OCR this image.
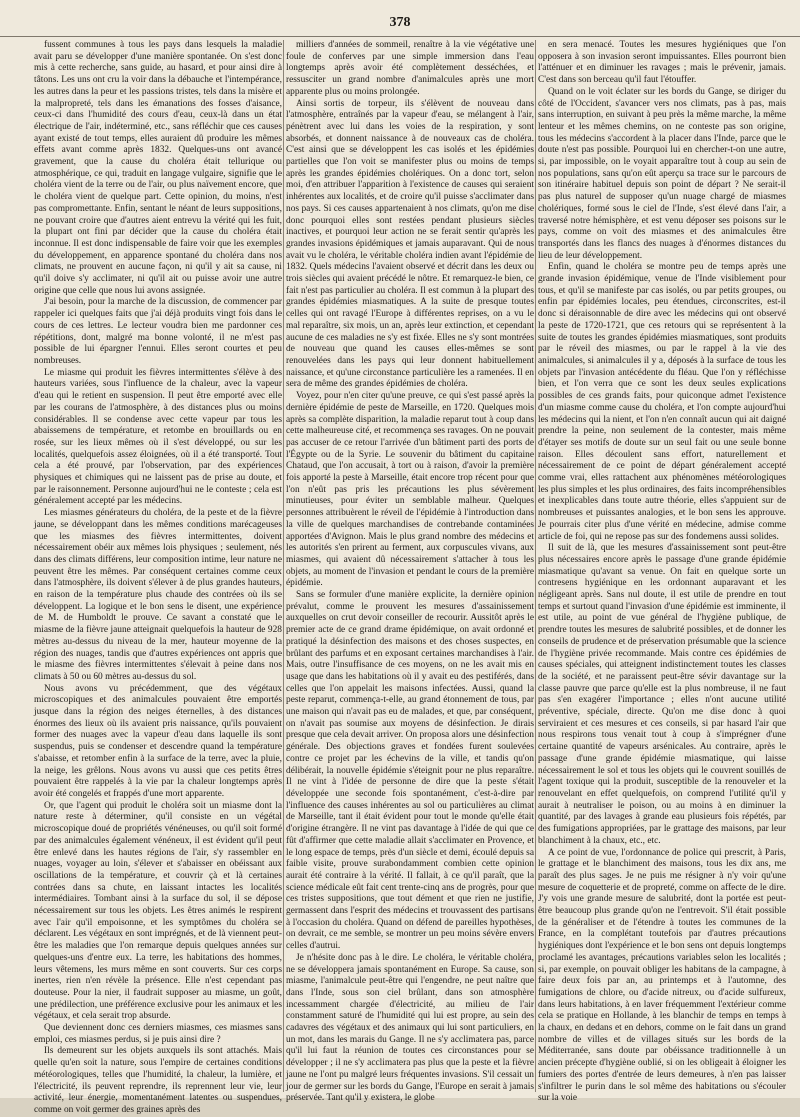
378

fussent communes à tous les pays dans lesquels la maladie avait paru se développer d'une manière spontanée. On s'est donc mis à cette recherche, sans guide, au hasard, et pour ainsi dire à tâtons. Les uns ont cru la voir dans la débauche et l'intempérance, les autres dans la peur et les passions tristes, tels dans la misère et la malpropreté, tels dans les émanations des fosses d'aisance, ceux-ci dans l'humidité des cours d'eau, ceux-là dans un état électrique de l'air, indéterminé, etc., sans réfléchir que ces causes ayant existé de tout temps, elles auraient dû produire les mêmes effets avant comme après 1832. Quelques-uns ont avancé gravement, que la cause du choléra était tellurique ou atmosphérique, ce qui, traduit en langage vulgaire, signifie que le choléra vient de la terre ou de l'air, ou plus naïvement encore, que le choléra vient de quelque part. Cette opinion, du moins, n'est pas compromettante. Enfin, sentant le néant de leurs suppositions, ne pouvant croire que d'autres aient entrevu la vérité qui les fuit, la plupart ont fini par décider que la cause du choléra était inconnue. Il est donc indispensable de faire voir que les exemples du développement, en apparence spontané du choléra dans nos climats, ne prouvent en aucune façon, ni qu'il y ait sa cause, ni qu'il doive s'y acclimater, ni qu'il ait ou puisse avoir une autre origine que celle que nous lui avons assignée.

J'ai besoin, pour la marche de la discussion, de commencer par rappeler ici quelques faits que j'ai déjà produits vingt fois dans le cours de ces lettres. Le lecteur voudra bien me pardonner ces répétitions, dont, malgré ma bonne volonté, il ne m'est pas possible de lui épargner l'ennui. Elles seront courtes et peu nombreuses.

Le miasme qui produit les fièvres intermittentes s'élève à des hauteurs variées, sous l'influence de la chaleur, avec la vapeur d'eau qui le retient en suspension. Il peut être emporté avec elle par les courans de l'atmosphère, à des distances plus ou moins considérables. Il se condense avec cette vapeur par tous les abaissemens de température, et retombe en brouillards ou en rosée, sur les lieux mêmes où il s'est développé, ou sur les localités, quelquefois assez éloignées, où il a été transporté. Tout cela a été prouvé, par l'observation, par des expériences physiques et chimiques qui ne laissent pas de prise au doute, et par le raisonnement. Personne aujourd'hui ne le conteste ; cela est généralement accepté par les médecins.

Les miasmes générateurs du choléra, de la peste et de la fièvre jaune, se développant dans les mêmes conditions marécageuses que les miasmes des fièvres intermittentes, doivent nécessairement obéir aux mêmes lois physiques ; seulement, nés dans des climats différens, leur composition intime, leur nature ne peuvent être les mêmes. Par conséquent certaines comme ceux dans l'atmosphère, ils doivent s'élever à de plus grandes hauteurs, en raison de la température plus chaude des contrées où ils se développent. La logique et le bon sens le disent, une expérience de M. de Humboldt le prouve. Ce savant a constaté que le miasme de la fièvre jaune atteignait quelquefois la hauteur de 928 mètres au-dessus du niveau de la mer, hauteur moyenne de la région des nuages, tandis que d'autres expériences ont appris que le miasme des fièvres intermittentes s'élevait à peine dans nos climats à 50 ou 60 mètres au-dessus du sol.

Nous avons vu précédemment, que des végétaux microscopiques et des animalcules pouvaient être emportés jusque dans la région des neiges éternelles, à des distances énormes des lieux où ils avaient pris naissance, qu'ils pouvaient former des nuages avec la vapeur d'eau dans laquelle ils sont suspendus, puis se condenser et descendre quand la température s'abaisse, et retomber enfin à la surface de la terre, avec la pluie, la neige, les grêlons. Nous avons vu aussi que ces petits êtres pouvaient être rappelés à la vie par la chaleur longtemps après avoir été congelés et frappés d'une mort apparente.

Or, que l'agent qui produit le choléra soit un miasme dont la nature reste à déterminer, qu'il consiste en un végétal microscopique doué de propriétés vénéneuses, ou qu'il soit formé par des animalcules également vénéneux, il est évident qu'il peut être enlevé dans les hautes régions de l'air, s'y rassembler en nuages, voyager au loin, s'élever et s'abaisser en obéissant aux oscillations de la température, et couvrir çà et là certaines contrées dans sa chute, en laissant intactes les localités intermédiaires. Tombant ainsi à la surface du sol, il se dépose nécessairement sur tous les objets. Les êtres animés le respirent avec l'air qu'il empoisonne, et les symptômes du choléra se déclarent. Les végétaux en sont imprégnés, et de là viennent peut-être les maladies que l'on remarque depuis quelques années sur quelques-uns d'entre eux. La terre, les habitations des hommes, leurs vêtemens, les murs même en sont couverts. Sur ces corps inertes, rien n'en révèle la présence. Elle n'est cependant pas douteuse. Pour la nier, il faudrait supposer au miasme, un goût, une prédilection, une préférence exclusive pour les animaux et les végétaux, et cela serait trop absurde.

Que deviennent donc ces derniers miasmes, ces miasmes sans emploi, ces miasmes perdus, si je puis ainsi dire ?

Ils demeurent sur les objets auxquels ils sont attachés. Mais quelle qu'en soit la nature, sous l'empire de certaines conditions météorologiques, telles que l'humidité, la chaleur, la lumière, et l'électricité, ils peuvent reprendre, ils reprennent leur vie, leur activité, leur énergie, momentanément latentes ou suspendues, comme on voit germer des graines après des

milliers d'années de sommeil, renaître à la vie végétative une foule de conferves par une simple immersion dans l'eau longtemps après avoir été complètement desséchées, et ressusciter un grand nombre d'animalcules après une mort apparente plus ou moins prolongée.

Ainsi sortis de torpeur, ils s'élèvent de nouveau dans l'atmosphère, entraînés par la vapeur d'eau, se mélangent à l'air, pénètrent avec lui dans les voies de la respiration, y sont absorbés, et donnent naissance à de nouveaux cas de choléra. C'est ainsi que se développent les cas isolés et les épidémies partielles que l'on voit se manifester plus ou moins de temps après les grandes épidémies cholériques. On a donc tort, selon moi, d'en attribuer l'apparition à l'existence de causes qui seraient inhérentes aux localités, et de croire qu'il puisse s'acclimater dans nos pays. Si ces causes appartenaient à nos climats, qu'on me dise donc pourquoi elles sont restées pendant plusieurs siècles inactives, et pourquoi leur action ne se ferait sentir qu'après les grandes invasions épidémiques et jamais auparavant. Qui de nous avait vu le choléra, le véritable choléra indien avant l'épidémie de 1832. Quels médecins l'avaient observé et décrit dans les deux ou trois siècles qui avaient précédé le nôtre. Et remarquez-le bien, ce fait n'est pas particulier au choléra. Il est commun à la plupart des grandes épidémies miasmatiques. A la suite de presque toutes celles qui ont ravagé l'Europe à différentes reprises, on a vu le mal reparaître, six mois, un an, après leur extinction, et cependant aucune de ces maladies ne s'y est fixée. Elles ne s'y sont montrées de nouveau que quand les causes elles-mêmes se sont renouvelées dans les pays qui leur donnent habituellement naissance, et qu'une circonstance particulière les a ramenées. Il en sera de même des grandes épidémies de choléra.

Voyez, pour n'en citer qu'une preuve, ce qui s'est passé après la dernière épidémie de peste de Marseille, en 1720. Quelques mois après sa complète disparition, la maladie reparut tout à coup dans cette malheureuse cité, et recommença ses ravages. On ne pouvait pas accuser de ce retour l'arrivée d'un bâtiment parti des ports de l'Égypte ou de la Syrie. Le souvenir du bâtiment du capitaine Chataud, que l'on accusait, à tort ou à raison, d'avoir la première fois apporté la peste à Marseille, était encore trop récent pour que l'on n'eût pas pris les précautions les plus sévèrement minutieuses, pour éviter un semblable malheur. Quelques personnes attribuèrent le réveil de l'épidémie à l'introduction dans la ville de quelques marchandises de contrebande contaminées apportées d'Avignon. Mais le plus grand nombre des médecins et les autorités s'en prirent au ferment, aux corpuscules vivans, aux miasmes, qui avaient dû nécessairement s'attacher à tous les objets, au moment de l'invasion et pendant le cours de la première épidémie.

Sans se formuler d'une manière explicite, la dernière opinion prévalut, comme le prouvent les mesures d'assainissement auxquelles on crut devoir conseiller de recourir. Aussitôt après le premier acte de ce grand drame épidémique, on avait ordonné et pratiqué la désinfection des maisons et des choses suspectes, en brûlant des parfums et en exposant certaines marchandises à l'air. Mais, outre l'insuffisance de ces moyens, on ne les avait mis en usage que dans les habitations où il y avait eu des pestiférés, dans celles que l'on appelait les maisons infectées. Aussi, quand la peste reparut, commença-t-elle, au grand étonnement de tous, par une maison qui n'avait pas eu de malades, et que, par conséquent, on n'avait pas soumise aux moyens de désinfection. Je dirais presque que cela devait arriver. On proposa alors une désinfection générale. Des objections graves et fondées furent soulevées contre ce projet par les échevins de la ville, et tandis qu'on délibérait, la nouvelle épidémie s'éteignit pour ne plus reparaître. Il ne vint à l'idée de personne de dire que la peste s'était développée une seconde fois spontanément, c'est-à-dire par l'influence des causes inhérentes au sol ou particulières au climat de Marseille, tant il était évident pour tout le monde qu'elle était d'origine étrangère. Il ne vint pas davantage à l'idée de qui que ce fût d'affirmer que cette maladie allait s'acclimater en Provence, et le long espace de temps, près d'un siècle et demi, écoulé depuis sa faible visite, prouve surabondamment combien cette opinion aurait été contraire à la vérité. Il fallait, à ce qu'il paraît, que la science médicale eût fait cent trente-cinq ans de progrès, pour que ces tristes suppositions, que tout dément et que rien ne justifie, germassent dans l'esprit des médecins et trouvassent des partisans à l'occasion du choléra. Quand on défend de pareilles hypothèses, on devrait, ce me semble, se montrer un peu moins sévère envers celles d'autrui.

Je n'hésite donc pas à le dire. Le choléra, le véritable choléra, ne se développera jamais spontanément en Europe. Sa cause, son miasme, l'animalcule peut-être qui l'engendre, ne peut naître que dans l'Inde, sous son ciel brûlant, dans son atmosphère incessamment chargée d'électricité, au milieu de l'air constamment saturé de l'humidité qui lui est propre, au sein des cadavres des végétaux et des animaux qui lui sont particuliers, en un mot, dans les marais du Gange. Il ne s'y acclimatera pas, parce qu'il lui faut la réunion de toutes ces circonstances pour se développer ; il ne s'y acclimatera pas plus que la peste et la fièvre jaune ne l'ont pu malgré leurs fréquentes invasions. S'il cessait un jour de germer sur les bords du Gange, l'Europe en serait à jamais préservée. Tant qu'il y existera, le globe

en sera menacé. Toutes les mesures hygiéniques que l'on opposera à son invasion seront impuissantes. Elles pourront bien l'atténuer et en diminuer les ravages ; mais le prévenir, jamais. C'est dans son berceau qu'il faut l'étouffer.

Quand on le voit éclater sur les bords du Gange, se diriger du côté de l'Occident, s'avancer vers nos climats, pas à pas, mais sans interruption, en suivant à peu près la même marche, la même lenteur et les mêmes chemins, on ne conteste pas son origine, tous les médecins s'accordent à la placer dans l'Inde, parce que le doute n'est pas possible. Pourquoi lui en chercher-t-on une autre, si, par impossible, on le voyait apparaître tout à coup au sein de nos populations, sans qu'on eût aperçu sa trace sur le parcours de son itinéraire habituel depuis son point de départ ? Ne serait-il pas plus naturel de supposer qu'un nuage chargé de miasmes cholériques, formé sous le ciel de l'Inde, s'est élevé dans l'air, a traversé notre hémisphère, et est venu déposer ses poisons sur le pays, comme on voit des miasmes et des animalcules être transportés dans les flancs des nuages à d'énormes distances du lieu de leur développement.

Enfin, quand le choléra se montre peu de temps après une grande invasion épidémique, venue de l'Inde visiblement pour tous, et qu'il se manifeste par cas isolés, ou par petits groupes, ou enfin par épidémies locales, peu étendues, circonscrites, est-il donc si déraisonnable de dire avec les médecins qui ont observé la peste de 1720-1721, que ces retours qui se représentent à la suite de toutes les grandes épidémies miasmatiques, sont produits par le réveil des miasmes, ou par le rappel à la vie des animalcules, si animalcules il y a, déposés à la surface de tous les objets par l'invasion antécédente du fléau. Que l'on y réfléchisse bien, et l'on verra que ce sont les deux seules explications possibles de ces grands faits, pour quiconque admet l'existence d'un miasme comme cause du choléra, et l'on compte aujourd'hui les médecins qui la nient, et l'on n'en connaît aucun qui ait daigné prendre la peine, non seulement de la contester, mais même d'étayer ses motifs de doute sur un seul fait ou une seule bonne raison. Elles découlent sans effort, naturellement et nécessairement de ce point de départ généralement accepté comme vrai, elles rattachent aux phénomènes météorologiques les plus simples et les plus ordinaires, des faits incompréhensibles et inexplicables dans toute autre théorie, elles s'appuient sur de nombreuses et puissantes analogies, et le bon sens les approuve. Je pourrais citer plus d'une vérité en médecine, admise comme article de foi, qui ne repose pas sur des fondemens aussi solides.

Il suit de là, que les mesures d'assainissement sont peut-être plus nécessaires encore après le passage d'une grande épidémie miasmatique qu'avant sa venue. On fait en quelque sorte un contresens hygiénique en les ordonnant auparavant et les négligeant après. Sans nul doute, il est utile de prendre en tout temps et surtout quand l'invasion d'une épidémie est imminente, il est utile, au point de vue général de l'hygiène publique, de prendre toutes les mesures de salubrité possibles, et de donner les conseils de prudence et de préservation présumable que la science de l'hygiène privée recommande. Mais contre ces épidémies de causes spéciales, qui atteignent indistinctement toutes les classes de la société, et ne paraissent peut-être sévir davantage sur la classe pauvre que parce qu'elle est la plus nombreuse, il ne faut pas s'en exagérer l'importance ; elles n'ont aucune utilité préventive, spéciale, directe. Qu'on me dise donc à quoi serviraient et ces mesures et ces conseils, si par hasard l'air que nous respirons tous venait tout à coup à s'imprégner d'une certaine quantité de vapeurs arsénicales. Au contraire, après le passage d'une grande épidémie miasmatique, qui laisse nécessairement le sol et tous les objets qui le couvrent souillés de l'agent toxique qui la produit, susceptible de la renouveler et la renouvelant en effet quelquefois, on comprend l'utilité qu'il y aurait à neutraliser le poison, ou au moins à en diminuer la quantité, par des lavages à grande eau plusieurs fois répétés, par des fumigations appropriées, par le grattage des maisons, par leur blanchiment à la chaux, etc., etc.

A ce point de vue, l'ordonnance de police qui prescrit, à Paris, le grattage et le blanchiment des maisons, tous les dix ans, me paraît des plus sages. Je ne puis me résigner à n'y voir qu'une mesure de coquetterie et de propreté, comme on affecte de le dire. J'y vois une grande mesure de salubrité, dont la portée est peut-être beaucoup plus grande qu'on ne l'entrevoit. S'il était possible de la généraliser et de l'étendre à toutes les communes de la France, en la complétant toutefois par d'autres précautions hygiéniques dont l'expérience et le bon sens ont depuis longtemps proclamé les avantages, précautions variables selon les localités ; si, par exemple, on pouvait obliger les habitans de la campagne, à faire deux fois par an, au printemps et à l'automne, des fumigations de chlore, ou d'acide nitreux, ou d'acide sulfureux, dans leurs habitations, à en laver fréquemment l'extérieur comme cela se pratique en Hollande, à les blanchir de temps en temps à la chaux, en dedans et en dehors, comme on le fait dans un grand nombre de villes et de villages situés sur les bords de la Méditerranée, sans doute par obéissance traditionnelle à un ancien précepte d'hygiène oublié, si on les obligeait à éloigner les fumiers des portes d'entrée de leurs demeures, à n'en pas laisser s'infiltrer le purin dans le sol même des habitations ou s'écouler sur la voie
